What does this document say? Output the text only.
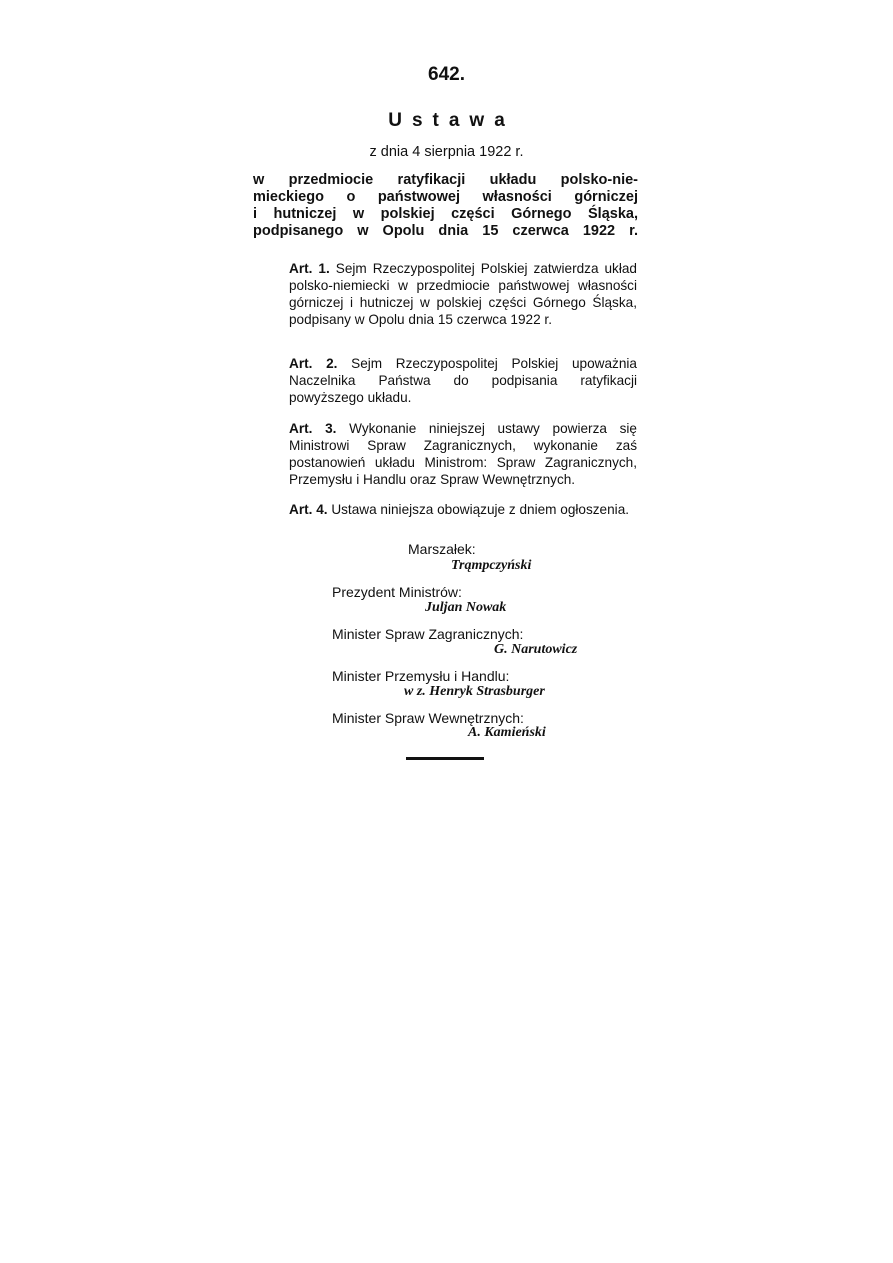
642.
Ustawa
z dnia 4 sierpnia 1922 r.
w przedmiocie ratyfikacji układu polsko-nie-
mieckiego o państwowej własności górniczej
i hutniczej w polskiej części Górnego Śląska,
podpisanego w Opolu dnia 15 czerwca 1922 r.
Art. 1. Sejm Rzeczypospolitej Polskiej zatwierdza układ polsko-niemiecki w przedmiocie państwowej własności górniczej i hutniczej w polskiej części Górnego Śląska, podpisany w Opolu dnia 15 czerwca 1922 r.
Art. 2. Sejm Rzeczypospolitej Polskiej upoważnia Naczelnika Państwa do podpisania ratyfikacji powyższego układu.
Art. 3. Wykonanie niniejszej ustawy powierza się Ministrowi Spraw Zagranicznych, wykonanie zaś postanowień układu Ministrom: Spraw Zagranicznych, Przemysłu i Handlu oraz Spraw Wewnętrznych.
Art. 4. Ustawa niniejsza obowiązuje z dniem ogłoszenia.
Marszałek:
Trąmpczyński
Prezydent Ministrów:
Juljan Nowak
Minister Spraw Zagranicznych:
G. Narutowicz
Minister Przemysłu i Handlu:
w z. Henryk Strasburger
Minister Spraw Wewnętrznych:
A. Kamieński
